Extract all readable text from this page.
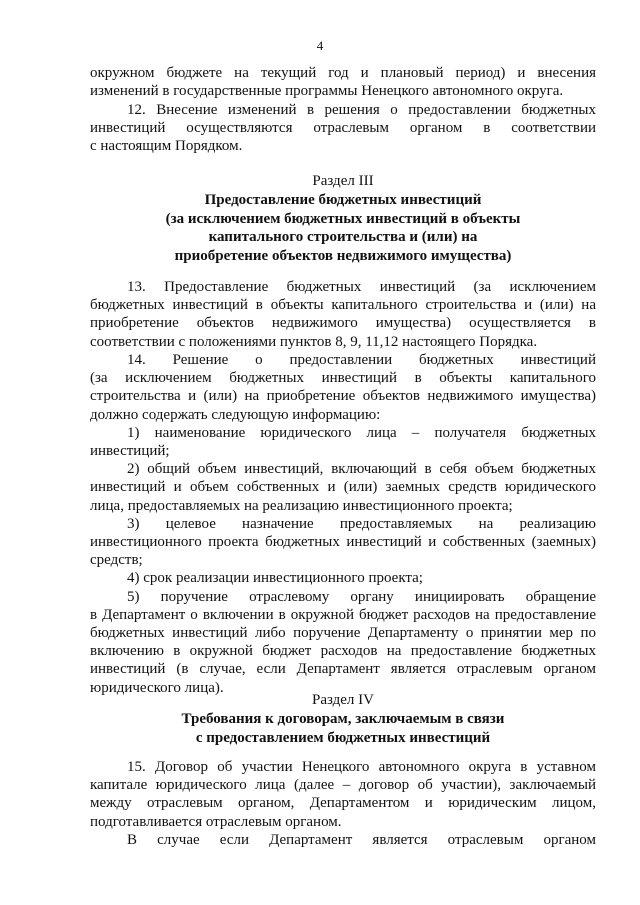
4
окружном бюджете на текущий год и плановый период) и внесения
изменений в государственные программы Ненецкого автономного округа.
12. Внесение изменений в решения о предоставлении бюджетных
инвестиций осуществляются отраслевым органом в соответствии
с настоящим Порядком.
Раздел III
Предоставление бюджетных инвестиций
(за исключением бюджетных инвестиций в объекты
капитального строительства и (или) на
приобретение объектов недвижимого имущества)
13. Предоставление бюджетных инвестиций (за исключением
бюджетных инвестиций в объекты капитального строительства и (или) на
приобретение объектов недвижимого имущества) осуществляется в
соответствии с положениями пунктов 8, 9, 11,12 настоящего Порядка.
14. Решение о предоставлении бюджетных инвестиций
(за исключением бюджетных инвестиций в объекты капитального
строительства и (или) на приобретение объектов недвижимого имущества)
должно содержать следующую информацию:
1) наименование юридического лица – получателя бюджетных
инвестиций;
2) общий объем инвестиций, включающий в себя объем бюджетных
инвестиций и объем собственных и (или) заемных средств юридического
лица, предоставляемых на реализацию инвестиционного проекта;
3) целевое назначение предоставляемых на реализацию
инвестиционного проекта бюджетных инвестиций и собственных (заемных)
средств;
4) срок реализации инвестиционного проекта;
5) поручение отраслевому органу инициировать обращение
в Департамент о включении в окружной бюджет расходов на предоставление
бюджетных инвестиций либо поручение Департаменту о принятии мер по
включению в окружной бюджет расходов на предоставление бюджетных
инвестиций (в случае, если Департамент является отраслевым органом
юридического лица).
Раздел IV
Требования к договорам, заключаемым в связи
с предоставлением бюджетных инвестиций
15. Договор об участии Ненецкого автономного округа в уставном
капитале юридического лица (далее – договор об участии), заключаемый
между отраслевым органом, Департаментом и юридическим лицом,
подготавливается отраслевым органом.
В случае если Департамент является отраслевым органом
